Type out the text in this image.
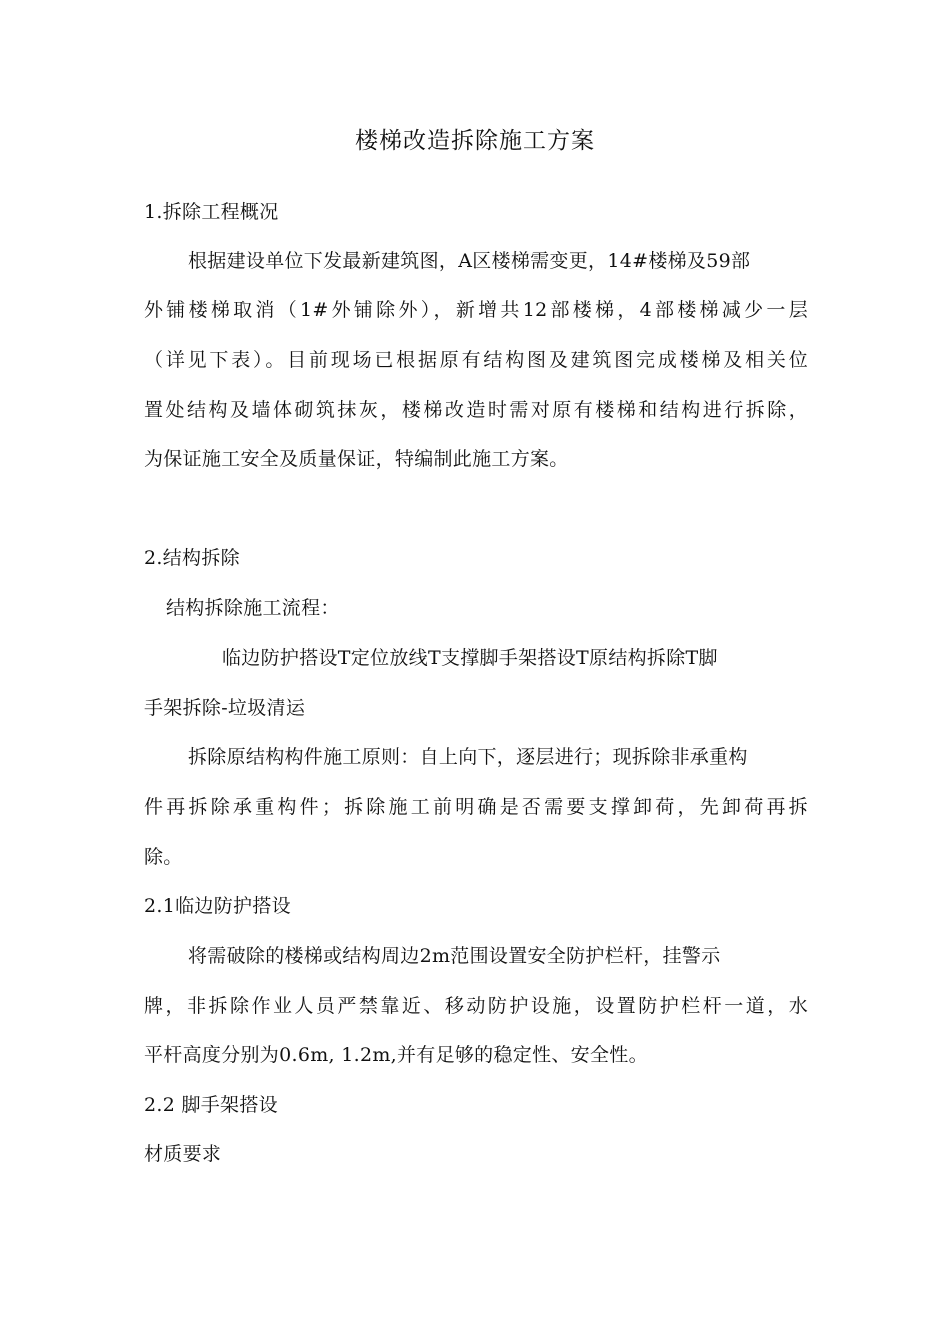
楼梯改造拆除施工方案
1.拆除工程概况
根据建设单位下发最新建筑图，A区楼梯需变更，14#楼梯及59部
外铺楼梯取消（1#外铺除外），新增共12部楼梯，4部楼梯减少一层
（详见下表）。目前现场已根据原有结构图及建筑图完成楼梯及相关位
置处结构及墙体砌筑抹灰，楼梯改造时需对原有楼梯和结构进行拆除，
为保证施工安全及质量保证，特编制此施工方案。
2.结构拆除
结构拆除施工流程：
临边防护搭设T定位放线T支撑脚手架搭设T原结构拆除T脚
手架拆除-垃圾清运
拆除原结构构件施工原则：自上向下，逐层进行；现拆除非承重构
件再拆除承重构件；拆除施工前明确是否需要支撑卸荷，先卸荷再拆
除。
2.1临边防护搭设
将需破除的楼梯或结构周边2m范围设置安全防护栏杆，挂警示
牌，非拆除作业人员严禁靠近、移动防护设施，设置防护栏杆一道，水
平杆高度分别为0.6m, 1.2m,并有足够的稳定性、安全性。
2.2 脚手架搭设
材质要求
